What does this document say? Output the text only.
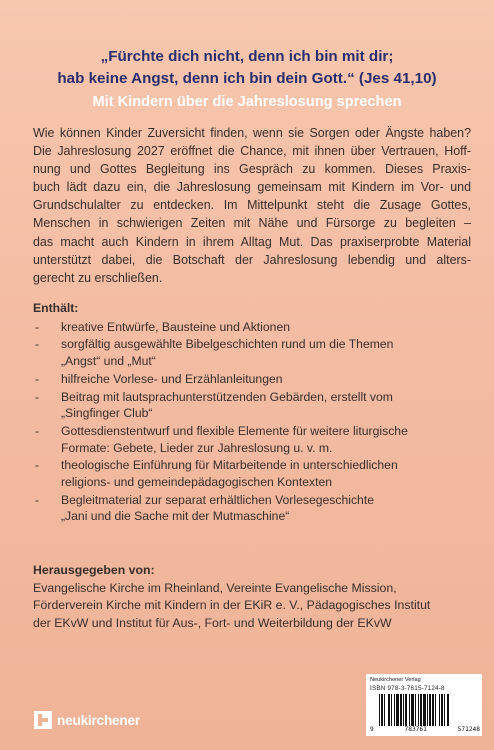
„Fürchte dich nicht, denn ich bin mit dir;
hab keine Angst, denn ich bin dein Gott.“ (Jes 41,10)
Mit Kindern über die Jahreslosung sprechen
Wie können Kinder Zuversicht finden, wenn sie Sorgen oder Ängste haben?
Die Jahreslosung 2027 eröffnet die Chance, mit ihnen über Vertrauen, Hoff-
nung und Gottes Begleitung ins Gespräch zu kommen. Dieses Praxis-
buch lädt dazu ein, die Jahreslosung gemeinsam mit Kindern im Vor- und
Grundschulalter zu entdecken. Im Mittelpunkt steht die Zusage Gottes,
Menschen in schwierigen Zeiten mit Nähe und Fürsorge zu begleiten –
das macht auch Kindern in ihrem Alltag Mut. Das praxiserprobte Material
unterstützt dabei, die Botschaft der Jahreslosung lebendig und alters-
gerecht zu erschließen.
Enthält:
- kreative Entwürfe, Bausteine und Aktionen
- sorgfältig ausgewählte Bibelgeschichten rund um die Themen
„Angst“ und „Mut“
- hilfreiche Vorlese- und Erzählanleitungen
- Beitrag mit lautsprachunterstützenden Gebärden, erstellt vom
„Singfinger Club“
- Gottesdienstentwurf und flexible Elemente für weitere liturgische
Formate: Gebete, Lieder zur Jahreslosung u. v. m.
- theologische Einführung für Mitarbeitende in unterschiedlichen
religions- und gemeindepädagogischen Kontexten
- Begleitmaterial zur separat erhältlichen Vorlesegeschichte
„Jani und die Sache mit der Mutmaschine“
Herausgegeben von:
Evangelische Kirche im Rheinland, Vereinte Evangelische Mission,
Förderverein Kirche mit Kindern in der EKiR e. V., Pädagogisches Institut
der EKvW und Institut für Aus-, Fort- und Weiterbildung der EKvW
neukirchener
Neukirchener Verlag
ISBN 978-3-7615-7124-8
9	783761	571248
